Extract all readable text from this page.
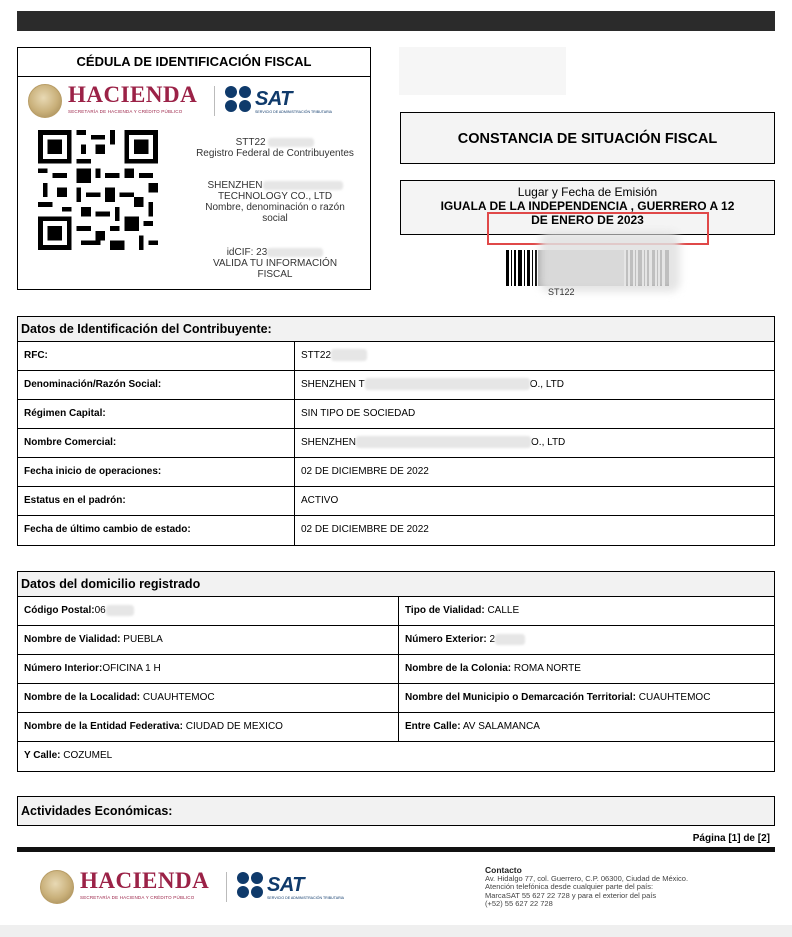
CÉDULA DE IDENTIFICACIÓN FISCAL
HACIENDA
SECRETARÍA DE HACIENDA Y CRÉDITO PÚBLICO
SAT
SERVICIO DE ADMINISTRACIÓN TRIBUTARIA
STT22
Registro Federal de Contribuyentes
SHENZHEN
TECHNOLOGY CO., LTD
Nombre, denominación o razón
social
idCIF: 23
VALIDA TU INFORMACIÓN
FISCAL
CONSTANCIA DE SITUACIÓN FISCAL
Lugar y Fecha de Emisión
IGUALA DE LA INDEPENDENCIA , GUERRERO A 12
DE ENERO DE 2023
ST122
Datos de Identificación del Contribuyente:
RFC:	STT22
Denominación/Razón Social:	SHENZHEN T	O., LTD
Régimen Capital:	SIN TIPO DE SOCIEDAD
Nombre Comercial:	SHENZHEN	O., LTD
Fecha inicio de operaciones:	02 DE DICIEMBRE DE 2022
Estatus en el padrón:	ACTIVO
Fecha de último cambio de estado:	02 DE DICIEMBRE DE 2022
Datos del domicilio registrado
Código Postal:06	Tipo de Vialidad: CALLE
Nombre de Vialidad: PUEBLA	Número Exterior: 2
Número Interior:OFICINA 1 H	Nombre de la Colonia: ROMA NORTE
Nombre de la Localidad: CUAUHTEMOC	Nombre del Municipio o Demarcación Territorial: CUAUHTEMOC
Nombre de la Entidad Federativa: CIUDAD DE MEXICO	Entre Calle: AV SALAMANCA
Y Calle: COZUMEL
Actividades Económicas:
Página [1] de [2]
HACIENDA
SECRETARÍA DE HACIENDA Y CRÉDITO PÚBLICO
SAT
SERVICIO DE ADMINISTRACIÓN TRIBUTARIA
Contacto
Av. Hidalgo 77, col. Guerrero, C.P. 06300, Ciudad de México.
Atención telefónica desde cualquier parte del país:
MarcaSAT 55 627 22 728 y para el exterior del país
(+52) 55 627 22 728
